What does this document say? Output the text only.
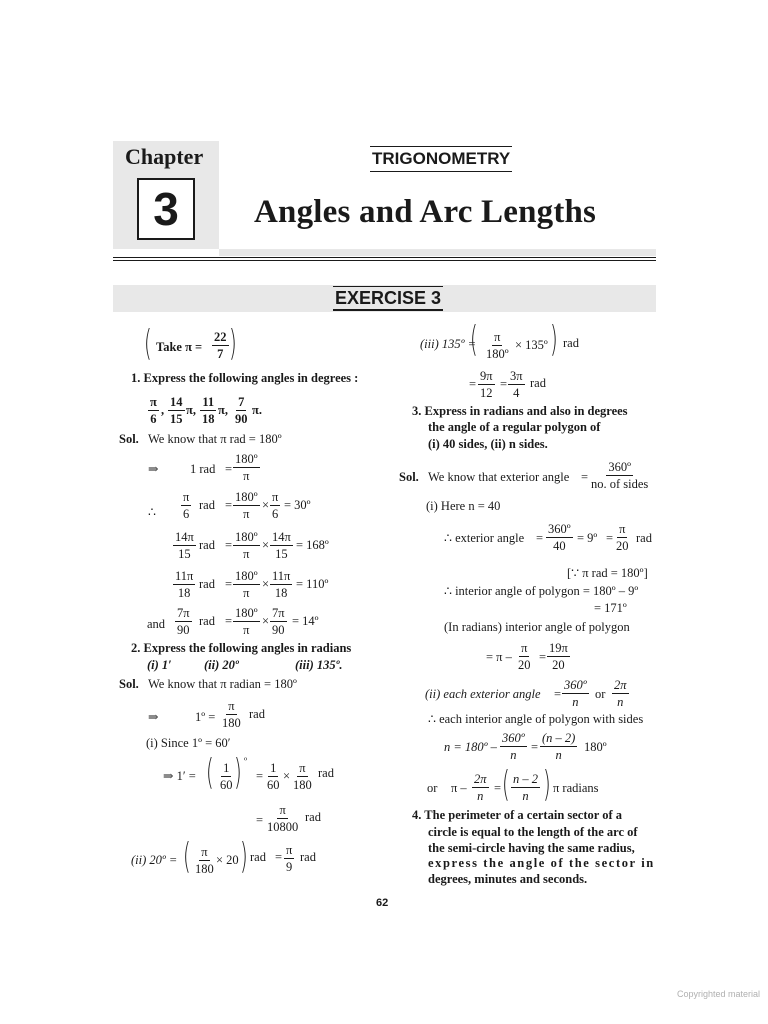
Chapter
3
TRIGONOMETRY
Angles and Arc Lengths
EXERCISE 3
( Take $\pi = \frac{22}{7}$ )
1. Express the following angles in degrees :
$\frac{\pi}{6}$ , $\frac{14}{15} \pi$, $\frac{11}{18} \pi$, $\frac{7}{90} \pi$.
Sol. We know that π rad = 180º
⇒	1 rad = $\frac{\text{180º}}{\pi}$
∴ $\frac{\pi}{6}$ rad = $\frac{\text{180º}}{\pi} \times \frac{\pi}{6}$ = 30º
$\frac{14\pi}{15}$ rad = $\frac{\text{180º}}{\pi} \times \frac{14\pi}{15}$ = 168º
$\frac{11\pi}{18}$ rad = $\frac{\text{180º}}{\pi} \times \frac{11\pi}{18}$ = 110º
and $\frac{7\pi}{90}$ rad = $\frac{\text{180º}}{\pi} \times \frac{7\pi}{90}$ = 14º
2. Express the following angles in radians
(i) 1′	(ii) 20º	(iii) 135º.
Sol. We know that π radian = 180º
⇒	1º = $\frac{\pi}{180}$ rad
(i) Since 1º = 60′
⇒ 1′ = ( $\frac{1}{60}$ ) º
= $\frac{1}{60} \times \frac{\pi}{180}$ rad
= $\frac{\pi}{10800}$ rad
(ii) 20º = ( $\frac{\pi}{180} \times 20$ ) rad = $\frac{\pi}{9}$ rad
(iii) 135º =
( $\frac{\pi}{\text{180º}}$ × 135º ) rad
= $\frac{9\pi}{12} = \frac{3\pi}{4}$ rad
3. Express in radians and also in degrees
the angle of a regular polygon of
(i) 40 sides, (ii) n sides.
Sol. We know that exterior angle =
360º
no. of sides
(i) Here n = 40
∴ exterior angle = $\frac{\text{360º}}{40}$ = 9º = $\frac{\pi}{20}$ rad
[∵ π rad = 180º]
∴ interior angle of polygon = 180º – 9º
= 171º
(In radians) interior angle of polygon
= $\pi - \frac{\pi}{20} = \frac{19\pi}{20}$
(ii) each exterior angle = $\frac{\text{360º}}{n}$ or $\frac{2\pi}{n}$
∴ each interior angle of polygon with sides
n = 180º – $\frac{\text{360º}}{n} = \frac{(n - 2)}{n}$ 180º
or π – $\frac{2\pi}{n}$ = ( $\frac{n - 2}{n}$ ) π radians
4. The perimeter of a certain sector of a
circle is equal to the length of the arc of
the semi-circle having the same radius,
express the angle of the sector in
degrees, minutes and seconds.
62
Copyrighted material
